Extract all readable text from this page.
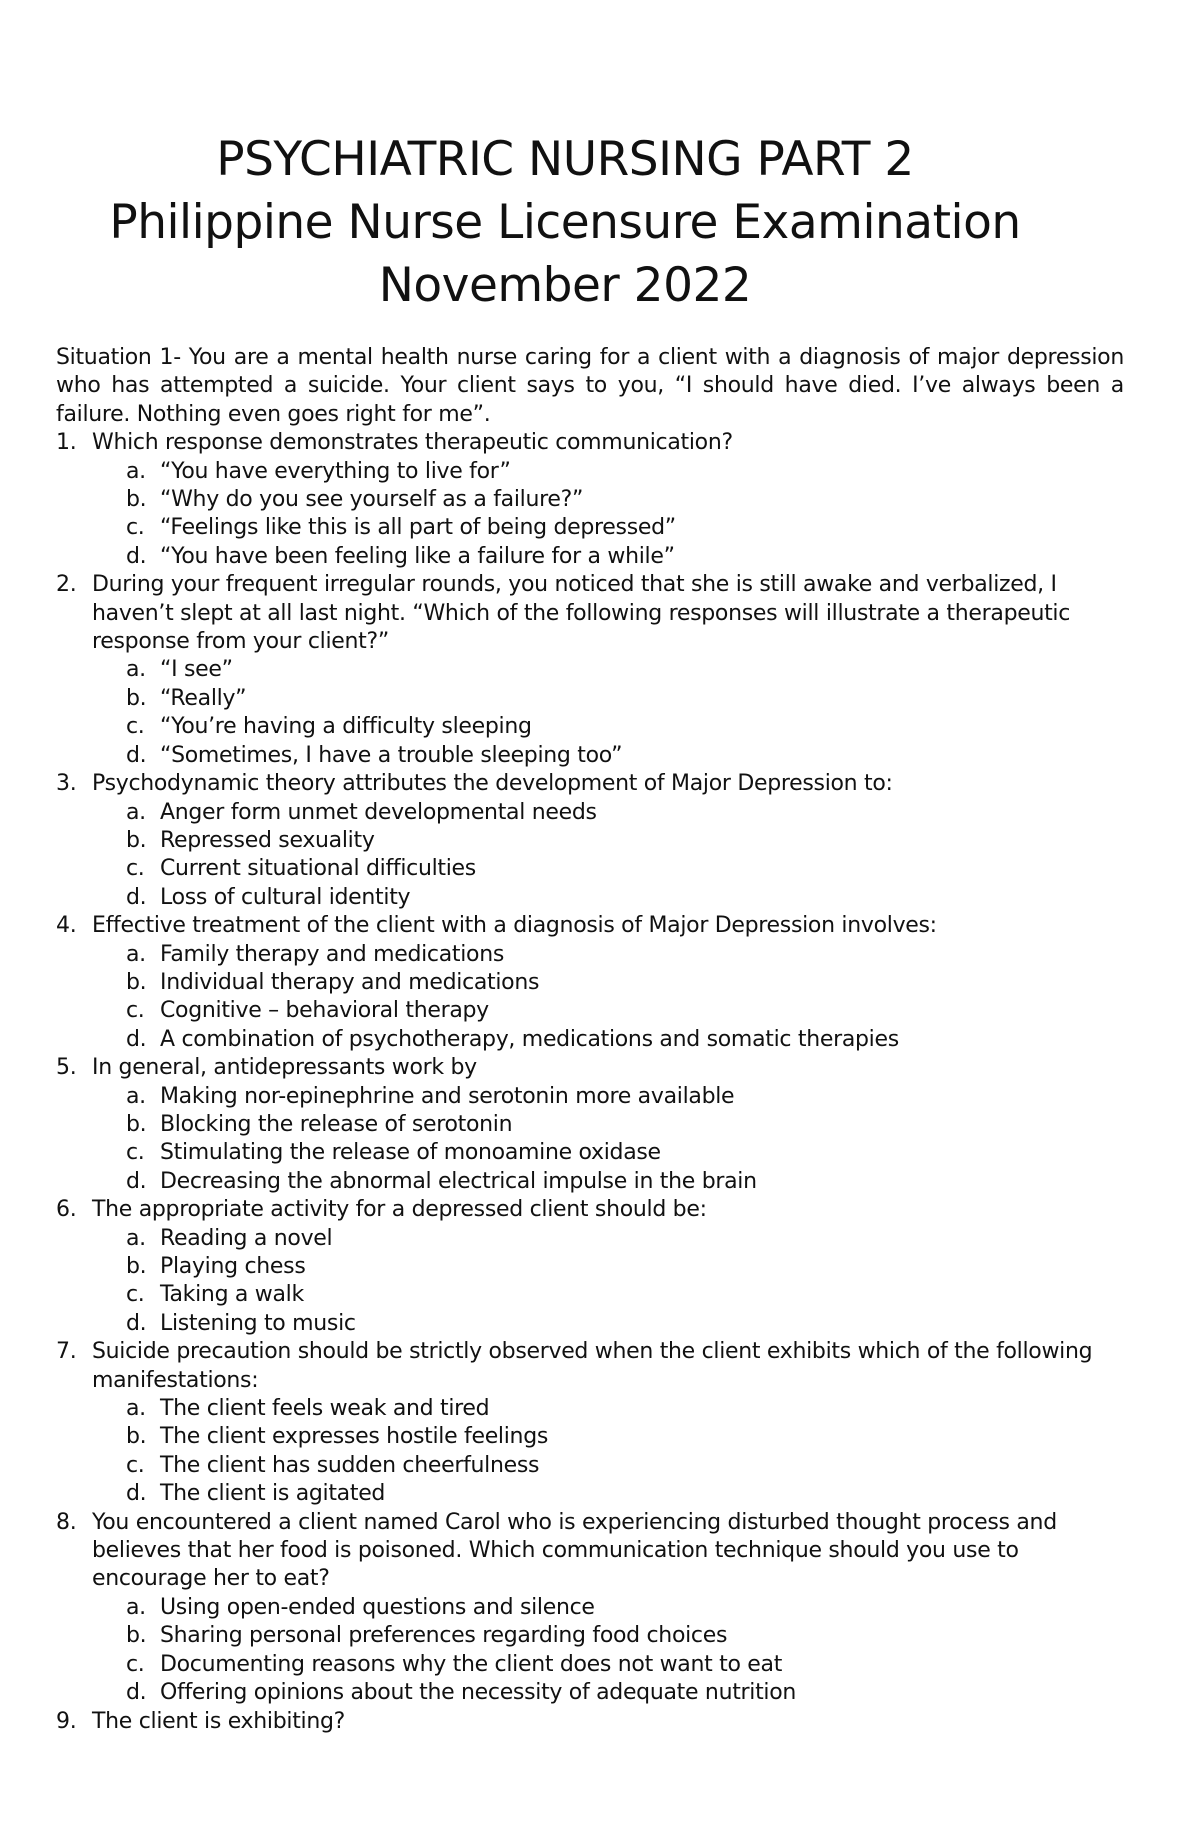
PSYCHIATRIC NURSING PART 2
Philippine Nurse Licensure Examination
November 2022
Situation 1- You are a mental health nurse caring for a client with a diagnosis of major depression who has attempted a suicide. Your client says to you, “I should have died. I’ve always been a failure. Nothing even goes right for me”.
1. Which response demonstrates therapeutic communication?
a. “You have everything to live for”
b. “Why do you see yourself as a failure?”
c. “Feelings like this is all part of being depressed”
d. “You have been feeling like a failure for a while”
2. During your frequent irregular rounds, you noticed that she is still awake and verbalized, I haven’t slept at all last night. “Which of the following responses will illustrate a therapeutic response from your client?”
a. “I see”
b. “Really”
c. “You’re having a difficulty sleeping
d. “Sometimes, I have a trouble sleeping too”
3. Psychodynamic theory attributes the development of Major Depression to:
a. Anger form unmet developmental needs
b. Repressed sexuality
c. Current situational difficulties
d. Loss of cultural identity
4. Effective treatment of the client with a diagnosis of Major Depression involves:
a. Family therapy and medications
b. Individual therapy and medications
c. Cognitive – behavioral therapy
d. A combination of psychotherapy, medications and somatic therapies
5. In general, antidepressants work by
a. Making nor-epinephrine and serotonin more available
b. Blocking the release of serotonin
c. Stimulating the release of monoamine oxidase
d. Decreasing the abnormal electrical impulse in the brain
6. The appropriate activity for a depressed client should be:
a. Reading a novel
b. Playing chess
c. Taking a walk
d. Listening to music
7. Suicide precaution should be strictly observed when the client exhibits which of the following manifestations:
a. The client feels weak and tired
b. The client expresses hostile feelings
c. The client has sudden cheerfulness
d. The client is agitated
8. You encountered a client named Carol who is experiencing disturbed thought process and believes that her food is poisoned. Which communication technique should you use to encourage her to eat?
a. Using open-ended questions and silence
b. Sharing personal preferences regarding food choices
c. Documenting reasons why the client does not want to eat
d. Offering opinions about the necessity of adequate nutrition
9. The client is exhibiting?
